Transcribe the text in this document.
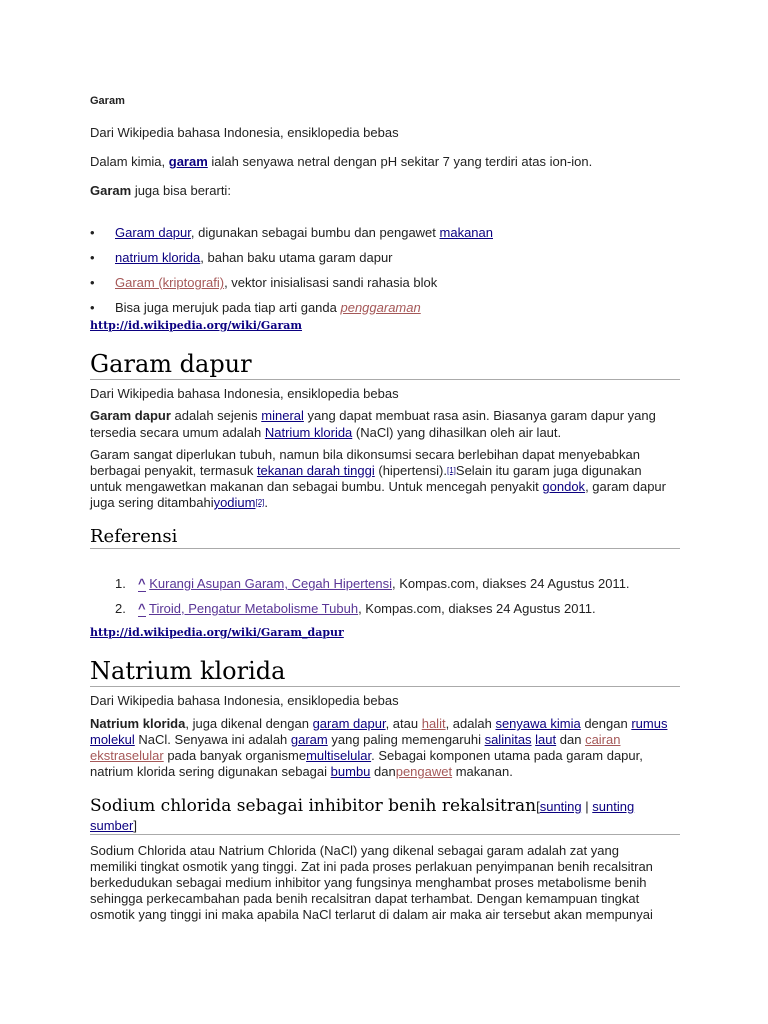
Garam
Dari Wikipedia bahasa Indonesia, ensiklopedia bebas

Dalam kimia, garam ialah senyawa netral dengan pH sekitar 7 yang terdiri atas ion-ion.

Garam juga bisa berarti:

• Garam dapur, digunakan sebagai bumbu dan pengawet makanan
• natrium klorida, bahan baku utama garam dapur
• Garam (kriptografi), vektor inisialisasi sandi rahasia blok
• Bisa juga merujuk pada tiap arti ganda penggaraman
http://id.wikipedia.org/wiki/Garam
Garam dapur
Dari Wikipedia bahasa Indonesia, ensiklopedia bebas

Garam dapur adalah sejenis mineral yang dapat membuat rasa asin. Biasanya garam dapur yang

tersedia secara umum adalah Natrium klorida (NaCl) yang dihasilkan oleh air laut.

Garam sangat diperlukan tubuh, namun bila dikonsumsi secara berlebihan dapat menyebabkan

berbagai penyakit, termasuk tekanan darah tinggi (hipertensi).[1]Selain itu garam juga digunakan

untuk mengawetkan makanan dan sebagai bumbu. Untuk mencegah penyakit gondok, garam dapur

juga sering ditambahiyodium[2].

Referensi
1. ^ Kurangi Asupan Garam, Cegah Hipertensi, Kompas.com, diakses 24 Agustus 2011.
2. ^ Tiroid, Pengatur Metabolisme Tubuh, Kompas.com, diakses 24 Agustus 2011.
http://id.wikipedia.org/wiki/Garam_dapur
Natrium klorida
Dari Wikipedia bahasa Indonesia, ensiklopedia bebas

Natrium klorida, juga dikenal dengan garam dapur, atau halit, adalah senyawa kimia dengan rumus

molekul NaCl. Senyawa ini adalah garam yang paling memengaruhi salinitas laut dan cairan

ekstraselular pada banyak organismemultiselular. Sebagai komponen utama pada garam dapur,

natrium klorida sering digunakan sebagai bumbu danpengawet makanan.

Sodium chlorida sebagai inhibitor benih rekalsitran[sunting | sunting
sumber]

Sodium Chlorida atau Natrium Chlorida (NaCl) yang dikenal sebagai garam adalah zat yang

memiliki tingkat osmotik yang tinggi. Zat ini pada proses perlakuan penyimpanan benih recalsitran

berkedudukan sebagai medium inhibitor yang fungsinya menghambat proses metabolisme benih

sehingga perkecambahan pada benih recalsitran dapat terhambat. Dengan kemampuan tingkat

osmotik yang tinggi ini maka apabila NaCl terlarut di dalam air maka air tersebut akan mempunyai
